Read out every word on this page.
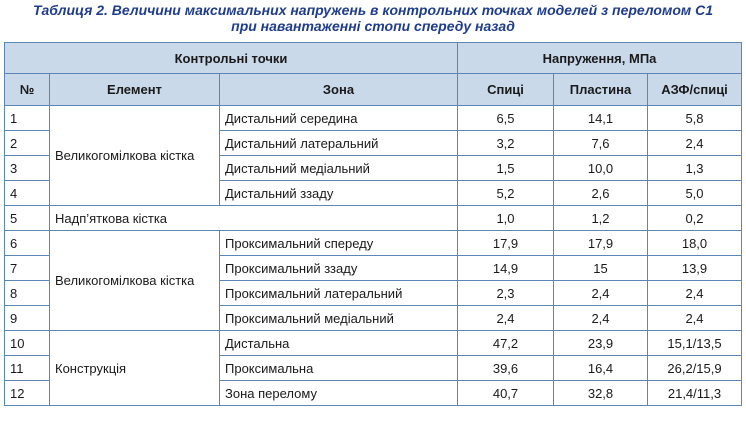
Таблиця 2. Величини максимальних напружень в контрольних точках моделей з переломом С1
при навантаженні стопи спереду назад
Контрольні точки			Напруження, МПа		
№	Елемент	Зона	Спиці	Пластина	АЗФ/спиці
1	Великогомілкова кістка	Дистальний середина	6,5	14,1	5,8
2		Дистальний латеральний	3,2	7,6	2,4
3		Дистальний медіальний	1,5	10,0	1,3
4		Дистальний ззаду	5,2	2,6	5,0
5	Надп’яткова кістка		1,0	1,2	0,2
6	Великогомілкова кістка	Проксимальний спереду	17,9	17,9	18,0
7		Проксимальний ззаду	14,9	15	13,9
8		Проксимальний латеральний	2,3	2,4	2,4
9		Проксимальний медіальний	2,4	2,4	2,4
10	Конструкція	Дистальна	47,2	23,9	15,1/13,5
11		Проксимальна	39,6	16,4	26,2/15,9
12		Зона перелому	40,7	32,8	21,4/11,3
